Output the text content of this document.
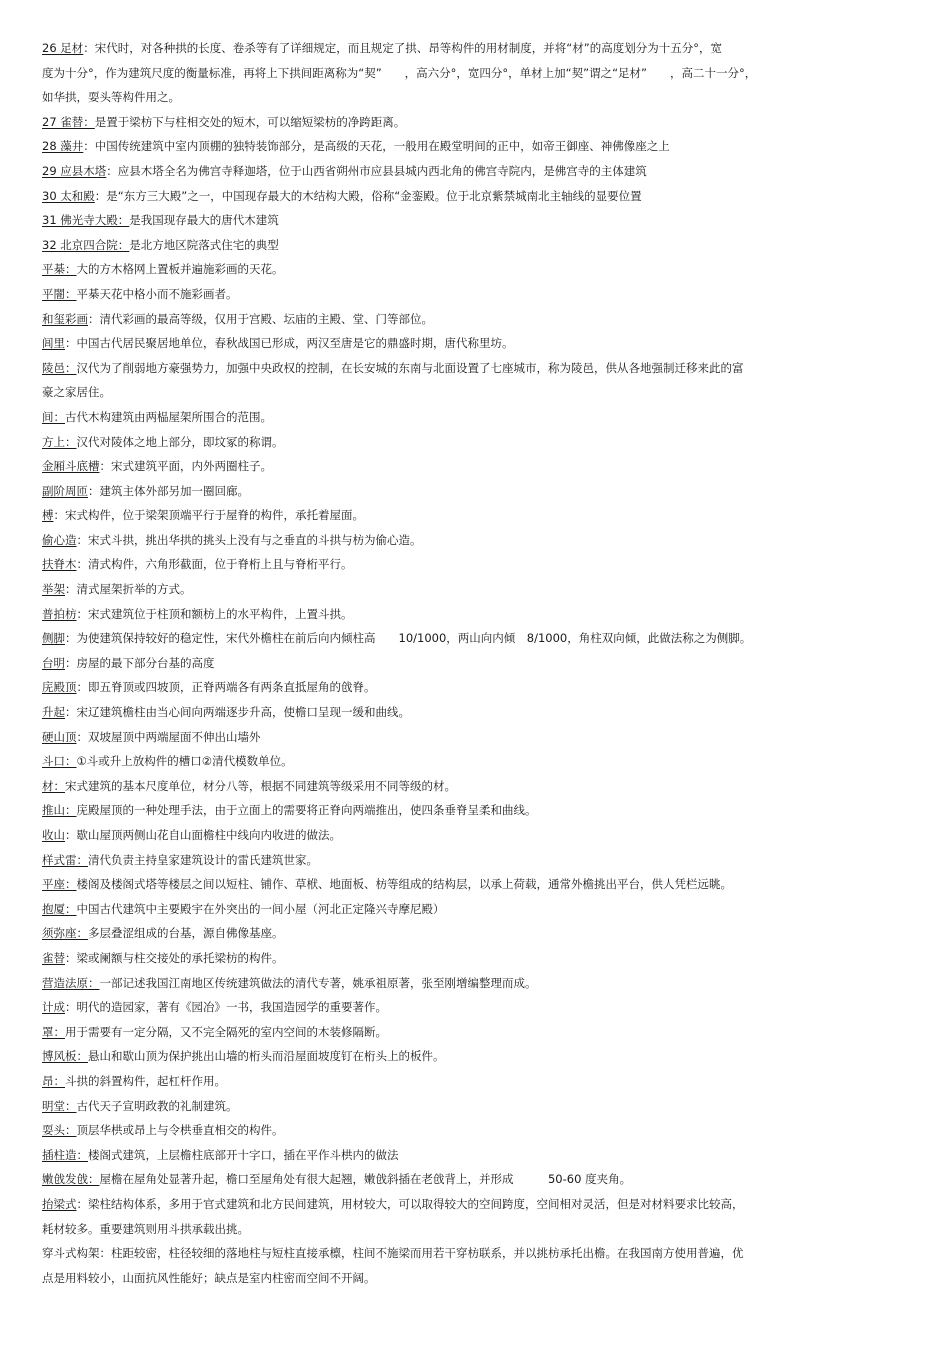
26 足材：宋代时，对各种拱的长度、卷杀等有了详细规定，而且规定了拱、昂等构件的用材制度，并将“材”的高度划分为十五分°，宽
度为十分°，作为建筑尺度的衡量标准，再将上下拱间距离称为“契”　　，高六分°，宽四分°，单材上加“契”谓之“足材”　　，高二十一分°，
如华拱，耍头等构件用之。
27 雀替：是置于梁枋下与柱相交处的短木，可以缩短梁枋的净跨距离。
28 藻井：中国传统建筑中室内顶棚的独特装饰部分，是高级的天花，一般用在殿堂明间的正中，如帝王御座、神佛像座之上
29 应县木塔：应县木塔全名为佛宫寺释迦塔，位于山西省朔州市应县县城内西北角的佛宫寺院内，是佛宫寺的主体建筑
30 太和殿：是“东方三大殿”之一，中国现存最大的木结构大殿，俗称“金銮殿。位于北京紫禁城南北主轴线的显要位置
31 佛光寺大殿：是我国现存最大的唐代木建筑
32 北京四合院：是北方地区院落式住宅的典型
平棊：大的方木格网上置板并遍施彩画的天花。
平闇：平棊天花中格小而不施彩画者。
和玺彩画：清代彩画的最高等级，仅用于宫殿、坛庙的主殿、堂、门等部位。
闾里：中国古代居民聚居地单位，春秋战国已形成，两汉至唐是它的鼎盛时期，唐代称里坊。
陵邑：汉代为了削弱地方豪强势力，加强中央政权的控制，在长安城的东南与北面设置了七座城市，称为陵邑，供从各地强制迁移来此的富
豪之家居住。
间：古代木构建筑由两榀屋架所围合的范围。
方上：汉代对陵体之地上部分，即坟冢的称谓。
金厢斗底槽：宋式建筑平面，内外两圈柱子。
副阶周匝：建筑主体外部另加一圈回廊。
榑：宋式构件，位于梁架顶端平行于屋脊的构件，承托着屋面。
偷心造：宋式斗拱，挑出华拱的挑头上没有与之垂直的斗拱与枋为偷心造。
扶脊木：清式构件，六角形截面，位于脊桁上且与脊桁平行。
举架：清式屋架折举的方式。
普拍枋：宋式建筑位于柱顶和额枋上的水平构件，上置斗拱。
侧脚：为使建筑保持较好的稳定性，宋代外檐柱在前后向内倾柱高　　10/1000，两山向内倾　8/1000，角柱双向倾，此做法称之为侧脚。
台明：房屋的最下部分台基的高度
庑殿顶：即五脊顶或四坡顶，正脊两端各有两条直抵屋角的戗脊。
升起：宋辽建筑檐柱由当心间向两端逐步升高，使檐口呈现一缓和曲线。
硬山顶：双坡屋顶中两端屋面不伸出山墙外
斗口：①斗或升上放构件的槽口②清代模数单位。
材：宋式建筑的基本尺度单位，材分八等，根据不同建筑等级采用不同等级的材。
推山：庑殿屋顶的一种处理手法，由于立面上的需要将正脊向两端推出，使四条垂脊呈柔和曲线。
收山：歇山屋顶两侧山花自山面檐柱中线向内收进的做法。
样式雷：清代负责主持皇家建筑设计的雷氏建筑世家。
平座：楼阁及楼阁式塔等楼层之间以短柱、铺作、草栿、地面板、枋等组成的结构层，以承上荷载，通常外檐挑出平台，供人凭栏远眺。
抱厦：中国古代建筑中主要殿宇在外突出的一间小屋（河北正定隆兴寺摩尼殿）
须弥座：多层叠涩组成的台基，源自佛像基座。
雀替：梁或阑额与柱交接处的承托梁枋的构件。
营造法原：一部记述我国江南地区传统建筑做法的清代专著，姚承祖原著，张至刚增编整理而成。
计成：明代的造园家，著有《园冶》一书，我国造园学的重要著作。
罩：用于需要有一定分隔，又不完全隔死的室内空间的木装修隔断。
博风板：悬山和歇山顶为保护挑出山墙的桁头而沿屋面坡度钉在桁头上的板件。
昂：斗拱的斜置构件，起杠杆作用。
明堂：古代天子宣明政教的礼制建筑。
耍头：顶层华栱或昂上与令栱垂直相交的构件。
插柱造：楼阁式建筑，上层檐柱底部开十字口，插在平作斗栱内的做法
嫩戗发戗：屋檐在屋角处显著升起，檐口至屋角处有很大起翘，嫩戗斜插在老戗背上，并形成　　　50-60 度夹角。
抬梁式：梁柱结构体系，多用于官式建筑和北方民间建筑，用材较大，可以取得较大的空间跨度，空间相对灵活，但是对材料要求比较高，
耗材较多。重要建筑则用斗拱承载出挑。
穿斗式构架：柱距较密，柱径较细的落地柱与短柱直接承檩，柱间不施梁而用若干穿枋联系，并以挑枋承托出檐。在我国南方使用普遍，优
点是用料较小，山面抗风性能好；缺点是室内柱密而空间不开阔。
